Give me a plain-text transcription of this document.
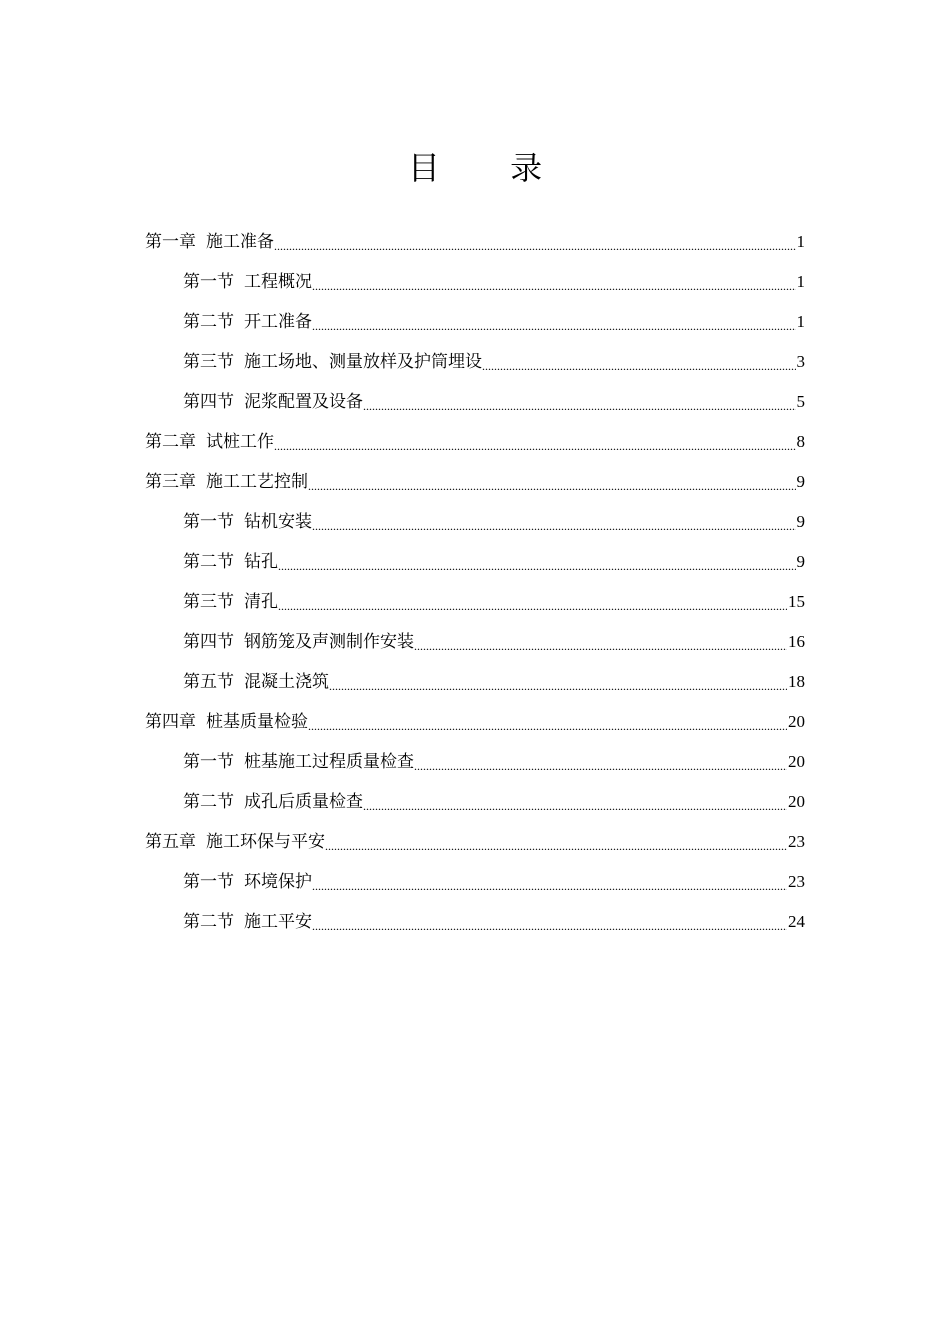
目 录
第一章 施工准备 .....	1
第一节 工程概况 .....	1
第二节 开工准备 .....	1
第三节 施工场地、测量放样及护筒埋设 .....	3
第四节 泥浆配置及设备 .....	5
第二章 试桩工作 .....	8
第三章 施工工艺控制 .....	9
第一节 钻机安装 .....	9
第二节 钻孔 .....	9
第三节 清孔 .....	15
第四节 钢筋笼及声测制作安装 .....	16
第五节 混凝土浇筑 .....	18
第四章 桩基质量检验 .....	20
第一节 桩基施工过程质量检查 .....	20
第二节 成孔后质量检查 .....	20
第五章 施工环保与平安 .....	23
第一节 环境保护 .....	23
第二节 施工平安 .....	24
